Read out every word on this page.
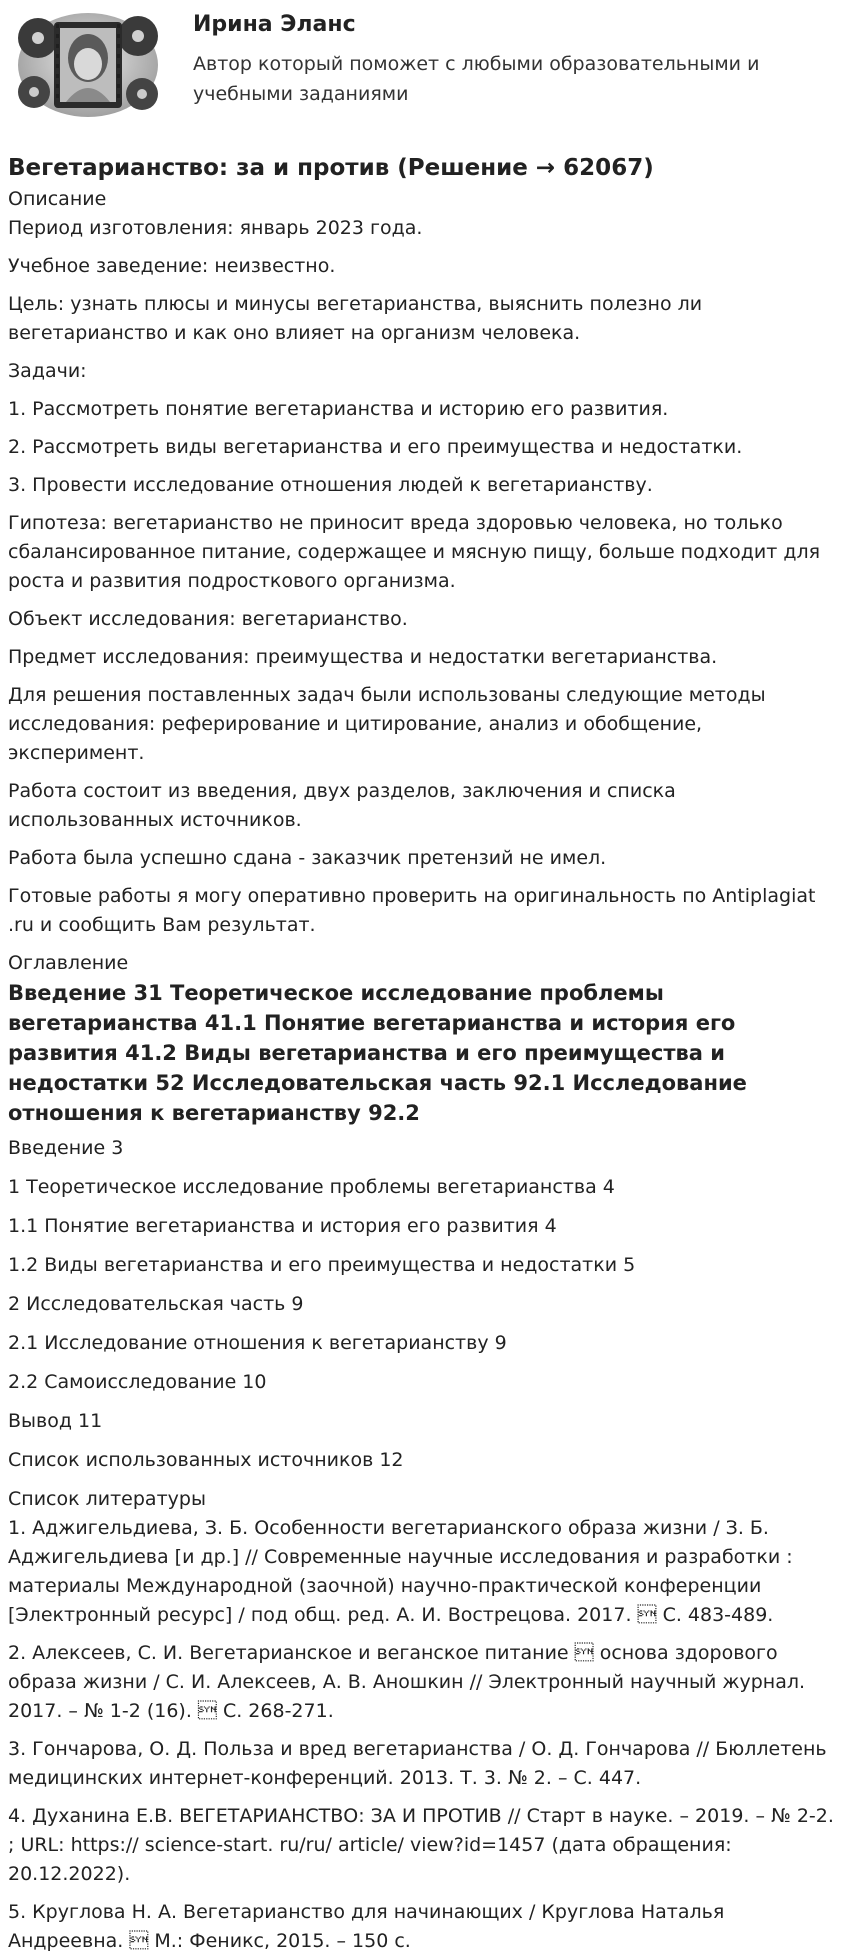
Ирина Эланс
Автор который поможет с любыми образовательными и учебными заданиями
Вегетарианство: за и против (Решение → 62067)
Описание

Период изготовления: январь 2023 года.

Учебное заведение: неизвестно.

Цель: узнать плюсы и минусы вегетарианства, выяснить полезно ли вегетарианство и как оно влияет на организм человека.

Задачи:

1. Рассмотреть понятие вегетарианства и историю его развития.

2. Рассмотреть виды вегетарианства и его преимущества и недостатки.

3. Провести исследование отношения людей к вегетарианству.

Гипотеза: вегетарианство не приносит вреда здоровью человека, но только сбалансированное питание, содержащее и мясную пищу, больше подходит для роста и развития подросткового организма.

Объект исследования: вегетарианство.

Предмет исследования: преимущества и недостатки вегетарианства.

Для решения поставленных задач были использованы следующие методы исследования: реферирование и цитирование, анализ и обобщение, эксперимент.

Работа состоит из введения, двух разделов, заключения и списка использованных источников.

Работа была успешно сдана - заказчик претензий не имел.

Готовые работы я могу оперативно проверить на оригинальность по Antiplagiat .ru и сообщить Вам результат.

Оглавление
Введение 31 Теоретическое исследование проблемы вегетарианства 41.1 Понятие вегетарианства и история его развития 41.2 Виды вегетарианства и его преимущества и недостатки 52 Исследовательская часть 92.1 Исследование отношения к вегетарианству 92.2

Введение 3

1 Теоретическое исследование проблемы вегетарианства 4

1.1 Понятие вегетарианства и история его развития 4

1.2 Виды вегетарианства и его преимущества и недостатки 5

2 Исследовательская часть 9

2.1 Исследование отношения к вегетарианству 9

2.2 Самоисследование 10

Вывод 11

Список использованных источников 12

Список литературы

1. Аджигельдиева, З. Б. Особенности вегетарианского образа жизни / З. Б. Аджигельдиева [и др.] // Современные научные исследования и разработки : материалы Международной (заочной) научно-практической конференции [Электронный ресурс] / под общ. ред. А. И. Вострецова. 2017.  С. 483-489.

2. Алексеев, С. И. Вегетарианское и веганское питание  основа здорового образа жизни / С. И. Алексеев, А. В. Аношкин // Электронный научный журнал. 2017. – № 1-2 (16).  С. 268-271.

3. Гончарова, О. Д. Польза и вред вегетарианства / О. Д. Гончарова // Бюллетень медицинских интернет-конференций. 2013. Т. 3. № 2. – С. 447.

4. Духанина Е.В. ВЕГЕТАРИАНСТВО: ЗА И ПРОТИВ // Старт в науке. – 2019. – № 2-2. ; URL: https:// science-start. ru/ru/ article/ view?id=1457 (дата обращения: 20.12.2022).

5. Круглова Н. А. Вегетарианство для начинающих / Круглова Наталья Андреевна.  М.: Феникс, 2015. – 150 с.
